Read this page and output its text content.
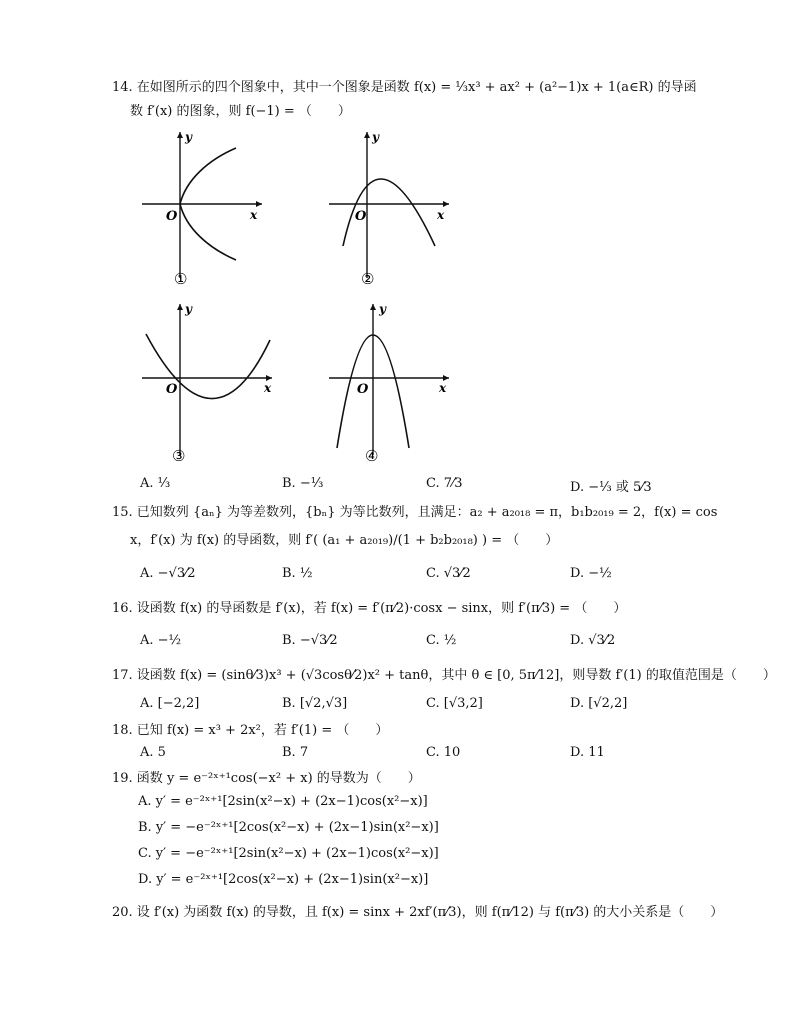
14. 在如图所示的四个图象中，其中一个图象是函数 f(x) = ⅓x³ + ax² + (a²−1)x + 1(a∈R) 的导函
数 f′(x) 的图象，则 f(−1) = （　　）
y
x
O
①
y
x
O
②
y
x
O
③
y
x
O
④
A. ⅓	B. −⅓	C. 7⁄3	D. −⅓ 或 5⁄3
15. 已知数列 {aₙ} 为等差数列，{bₙ} 为等比数列，且满足：a₂ + a₂₀₁₈ = π，b₁b₂₀₁₉ = 2，f(x) = cos
x，f′(x) 为 f(x) 的导函数，则 f′( (a₁ + a₂₀₁₉)/(1 + b₂b₂₀₁₈) ) = （　　）
A. −√3⁄2	B. ½	C. √3⁄2	D. −½
16. 设函数 f(x) 的导函数是 f′(x)，若 f(x) = f′(π⁄2)·cosx − sinx，则 f′(π⁄3) = （　　）
A. −½	B. −√3⁄2	C. ½	D. √3⁄2
17. 设函数 f(x) = (sinθ⁄3)x³ + (√3cosθ⁄2)x² + tanθ，其中 θ ∈ [0, 5π⁄12]，则导数 f′(1) 的取值范围是（　　）
A. [−2,2]	B. [√2,√3]	C. [√3,2]	D. [√2,2]
18. 已知 f(x) = x³ + 2x²，若 f′(1) = （　　）
A. 5	B. 7	C. 10	D. 11
19. 函数 y = e⁻²ˣ⁺¹cos(−x² + x) 的导数为（　　）
A. y′ = e⁻²ˣ⁺¹[2sin(x²−x) + (2x−1)cos(x²−x)]
B. y′ = −e⁻²ˣ⁺¹[2cos(x²−x) + (2x−1)sin(x²−x)]
C. y′ = −e⁻²ˣ⁺¹[2sin(x²−x) + (2x−1)cos(x²−x)]
D. y′ = e⁻²ˣ⁺¹[2cos(x²−x) + (2x−1)sin(x²−x)]
20. 设 f′(x) 为函数 f(x) 的导数，且 f(x) = sinx + 2xf′(π⁄3)，则 f(π⁄12) 与 f(π⁄3) 的大小关系是（　　）
